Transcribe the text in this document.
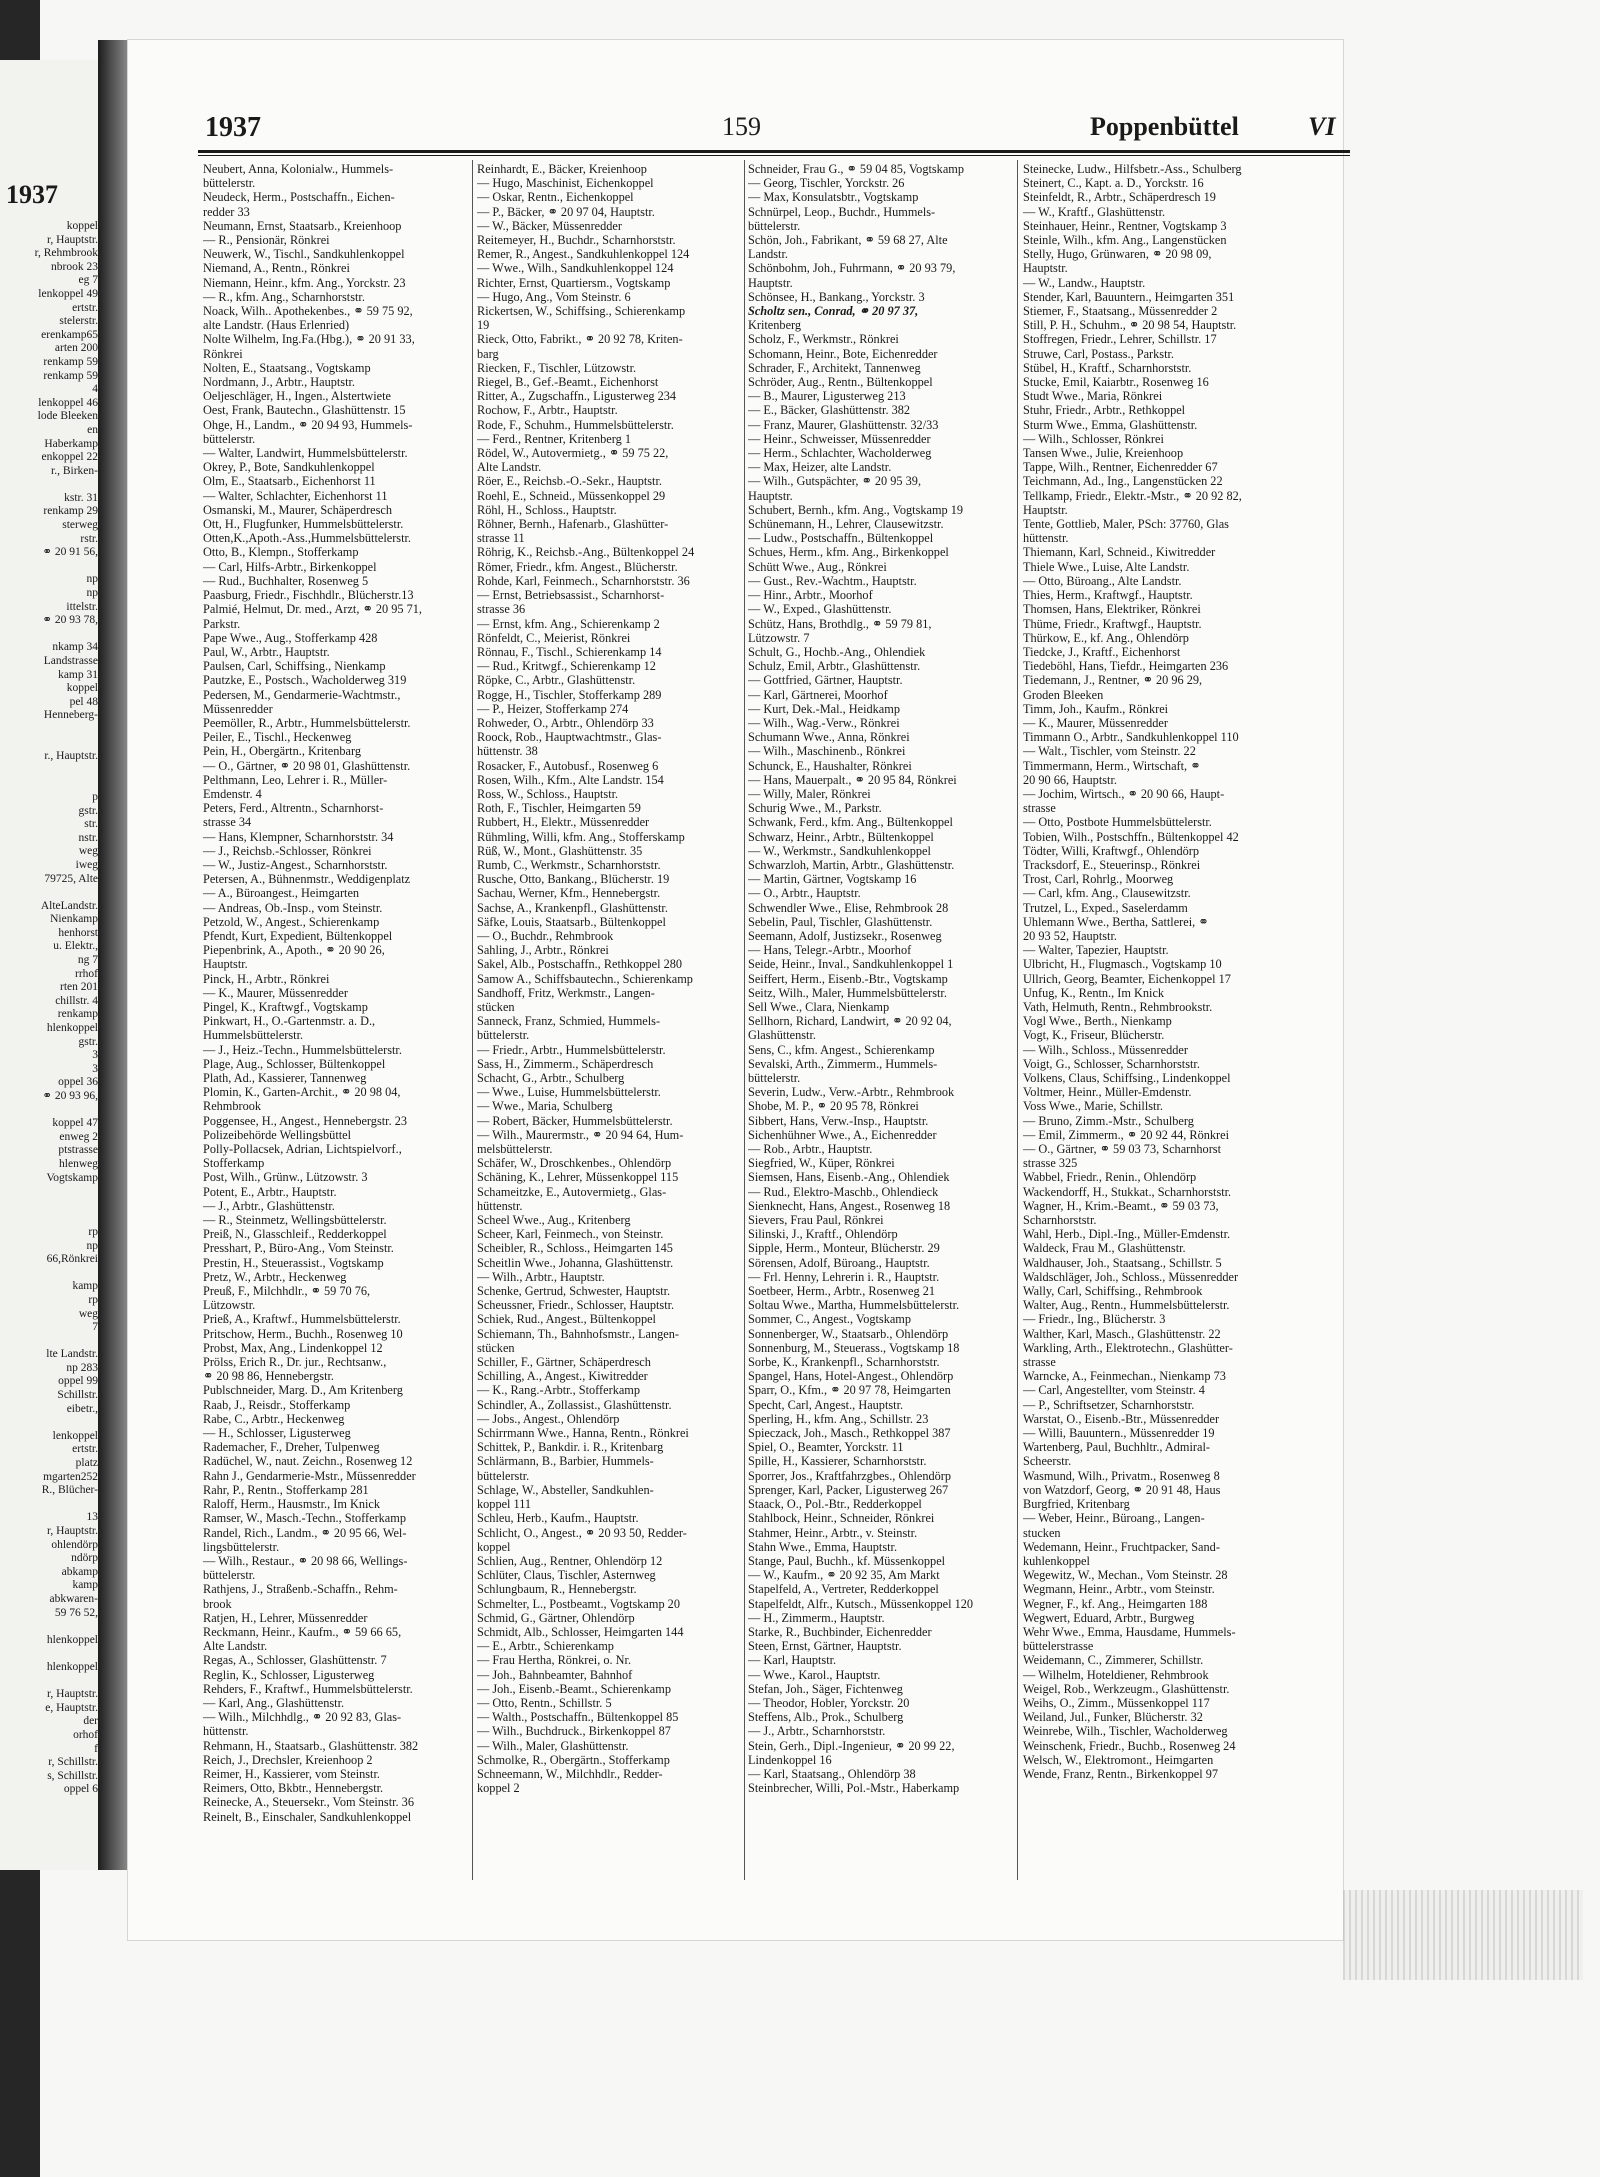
1937
koppel
r, Hauptstr.
r, Rehmbrook
nbrook 23
eg 7
lenkoppel 49
ertstr.
stelerstr.
erenkamp65
arten 200
renkamp 59
renkamp 59
4
lenkoppel 46
lode Bleeken
en
Haberkamp
enkoppel 22
r., Birken-

kstr. 31
renkamp 29
sterweg
rstr.
⚭ 20 91 56,

np
np
ittelstr.
⚭ 20 93 78,

nkamp 34
Landstrasse
kamp 31
koppel
pel 48
Henneberg-

r., Hauptstr.

p
gstr.
str.
nstr.
weg
iweg
79725, Alte

AlteLandstr.
Nienkamp
henhorst
u. Elektr.,
ng 7
rrhof
rten 201
chillstr. 4
renkamp
hlenkoppel
gstr.
3
3
oppel 36
⚭ 20 93 96,

koppel 47
enweg 2
ptstrasse
hlenweg
Vogtskamp

rp
np
66,Rönkrei

kamp
rp
weg
7

lte Landstr.
np 283
oppel 99
Schillstr.
eibetr.,

lenkoppel
ertstr.
platz
mgarten252
R., Blücher-

13
r, Hauptstr.
ohlendörp
ndörp
abkamp
kamp
abkwaren-
59 76 52,

hlenkoppel

hlenkoppel

r, Hauptstr.
e, Hauptstr.
der
orhof
f
r, Schillstr.
s, Schillstr.
oppel 6
1937	159	Poppenbüttel	VI
Neubert, Anna, Kolonialw., Hummels-
büttelerstr.
Neudeck, Herm., Postschaffn., Eichen-
redder 33
Neumann, Ernst, Staatsarb., Kreienhoop
— R., Pensionär, Rönkrei
Neuwerk, W., Tischl., Sandkuhlenkoppel
Niemand, A., Rentn., Rönkrei
Niemann, Heinr., kfm. Ang., Yorckstr. 23
— R., kfm. Ang., Scharnhorststr.
Noack, Wilh.. Apothekenbes., ⚭ 59 75 92,
alte Landstr. (Haus Erlenried)
Nolte Wilhelm, Ing.Fa.(Hbg.), ⚭ 20 91 33,
Rönkrei
Nolten, E., Staatsang., Vogtskamp
Nordmann, J., Arbtr., Hauptstr.
Oeljeschläger, H., Ingen., Alstertwiete
Oest, Frank, Bautechn., Glashüttenstr. 15
Ohge, H., Landm., ⚭ 20 94 93, Hummels-
büttelerstr.
— Walter, Landwirt, Hummelsbüttelerstr.
Okrey, P., Bote, Sandkuhlenkoppel
Olm, E., Staatsarb., Eichenhorst 11
— Walter, Schlachter, Eichenhorst 11
Osmanski, M., Maurer, Schäperdresch
Ott, H., Flugfunker, Hummelsbüttelerstr.
Otten,K.,Apoth.-Ass.,Hummelsbüttelerstr.
Otto, B., Klempn., Stofferkamp
— Carl, Hilfs-Arbtr., Birkenkoppel
— Rud., Buchhalter, Rosenweg 5
Paasburg, Friedr., Fischhdlr., Blücherstr.13
Palmié, Helmut, Dr. med., Arzt, ⚭ 20 95 71,
Parkstr.
Pape Wwe., Aug., Stofferkamp 428
Paul, W., Arbtr., Hauptstr.
Paulsen, Carl, Schiffsing., Nienkamp
Pautzke, E., Postsch., Wacholderweg 319
Pedersen, M., Gendarmerie-Wachtmstr.,
Müssenredder
Peemöller, R., Arbtr., Hummelsbüttelerstr.
Peiler, E., Tischl., Heckenweg
Pein, H., Obergärtn., Kritenbarg
— O., Gärtner, ⚭ 20 98 01, Glashüttenstr.
Pelthmann, Leo, Lehrer i. R., Müller-
Emdenstr. 4
Peters, Ferd., Altrentn., Scharnhorst-
strasse 34
— Hans, Klempner, Scharnhorststr. 34
— J., Reichsb.-Schlosser, Rönkrei
— W., Justiz-Angest., Scharnhorststr.
Petersen, A., Bühnenmstr., Weddigenplatz
— A., Büroangest., Heimgarten
— Andreas, Ob.-Insp., vom Steinstr.
Petzold, W., Angest., Schierenkamp
Pfendt, Kurt, Expedient, Bültenkoppel
Piepenbrink, A., Apoth., ⚭ 20 90 26,
Hauptstr.
Pinck, H., Arbtr., Rönkrei
— K., Maurer, Müssenredder
Pingel, K., Kraftwgf., Vogtskamp
Pinkwart, H., O.-Gartenmstr. a. D.,
Hummelsbüttelerstr.
— J., Heiz.-Techn., Hummelsbüttelerstr.
Plage, Aug., Schlosser, Bültenkoppel
Plath, Ad., Kassierer, Tannenweg
Plomin, K., Garten-Archit., ⚭ 20 98 04,
Rehmbrook
Poggensee, H., Angest., Hennebergstr. 23
Polizeibehörde Wellingsbüttel
Polly-Pollacsek, Adrian, Lichtspielvorf.,
Stofferkamp
Post, Wilh., Grünw., Lützowstr. 3
Potent, E., Arbtr., Hauptstr.
— J., Arbtr., Glashüttenstr.
— R., Steinmetz, Wellingsbüttelerstr.
Preiß, N., Glasschleif., Redderkoppel
Presshart, P., Büro-Ang., Vom Steinstr.
Prestin, H., Steuerassist., Vogtskamp
Pretz, W., Arbtr., Heckenweg
Preuß, F., Milchhdlr., ⚭ 59 70 76,
Lützowstr.
Prieß, A., Kraftwf., Hummelsbüttelerstr.
Pritschow, Herm., Buchh., Rosenweg 10
Probst, Max, Ang., Lindenkoppel 12
Prölss, Erich R., Dr. jur., Rechtsanw.,
⚭ 20 98 86, Hennebergstr.
Publschneider, Marg. D., Am Kritenberg
Raab, J., Reisdr., Stofferkamp
Rabe, C., Arbtr., Heckenweg
— H., Schlosser, Ligusterweg
Rademacher, F., Dreher, Tulpenweg
Radüchel, W., naut. Zeichn., Rosenweg 12
Rahn J., Gendarmerie-Mstr., Müssenredder
Rahr, P., Rentn., Stofferkamp 281
Raloff, Herm., Hausmstr., Im Knick
Ramser, W., Masch.-Techn., Stofferkamp
Randel, Rich., Landm., ⚭ 20 95 66, Wel-
lingsbüttelerstr.
— Wilh., Restaur., ⚭ 20 98 66, Wellings-
büttelerstr.
Rathjens, J., Straßenb.-Schaffn., Rehm-
brook
Ratjen, H., Lehrer, Müssenredder
Reckmann, Heinr., Kaufm., ⚭ 59 66 65,
Alte Landstr.
Regas, A., Schlosser, Glashüttenstr. 7
Reglin, K., Schlosser, Ligusterweg
Rehders, F., Kraftwf., Hummelsbüttelerstr.
— Karl, Ang., Glashüttenstr.
— Wilh., Milchhdlg., ⚭ 20 92 83, Glas-
hüttenstr.
Rehmann, H., Staatsarb., Glashüttenstr. 382
Reich, J., Drechsler, Kreienhoop 2
Reimer, H., Kassierer, vom Steinstr.
Reimers, Otto, Bkbtr., Hennebergstr.
Reinecke, A., Steuersekr., Vom Steinstr. 36
Reinelt, B., Einschaler, Sandkuhlenkoppel
Reinhardt, E., Bäcker, Kreienhoop
— Hugo, Maschinist, Eichenkoppel
— Oskar, Rentn., Eichenkoppel
— P., Bäcker, ⚭ 20 97 04, Hauptstr.
— W., Bäcker, Müssenredder
Reitemeyer, H., Buchdr., Scharnhorststr.
Remer, R., Angest., Sandkuhlenkoppel 124
— Wwe., Wilh., Sandkuhlenkoppel 124
Richter, Ernst, Quartiersm., Vogtskamp
— Hugo, Ang., Vom Steinstr. 6
Rickertsen, W., Schiffsing., Schierenkamp
19
Rieck, Otto, Fabrikt., ⚭ 20 92 78, Kriten-
barg
Riecken, F., Tischler, Lützowstr.
Riegel, B., Gef.-Beamt., Eichenhorst
Ritter, A., Zugschaffn., Ligusterweg 234
Rochow, F., Arbtr., Hauptstr.
Rode, F., Schuhm., Hummelsbüttelerstr.
— Ferd., Rentner, Kritenberg 1
Rödel, W., Autovermietg., ⚭ 59 75 22,
Alte Landstr.
Röer, E., Reichsb.-O.-Sekr., Hauptstr.
Roehl, E., Schneid., Müssenkoppel 29
Röhl, H., Schloss., Hauptstr.
Röhner, Bernh., Hafenarb., Glashütter-
strasse 11
Röhrig, K., Reichsb.-Ang., Bültenkoppel 24
Römer, Friedr., kfm. Angest., Blücherstr.
Rohde, Karl, Feinmech., Scharnhorststr. 36
— Ernst, Betriebsassist., Scharnhorst-
strasse 36
— Ernst, kfm. Ang., Schierenkamp 2
Rönfeldt, C., Meierist, Rönkrei
Rönnau, F., Tischl., Schierenkamp 14
— Rud., Kritwgf., Schierenkamp 12
Röpke, C., Arbtr., Glashüttenstr.
Rogge, H., Tischler, Stofferkamp 289
— P., Heizer, Stofferkamp 274
Rohweder, O., Arbtr., Ohlendörp 33
Roock, Rob., Hauptwachtmstr., Glas-
hüttenstr. 38
Rosacker, F., Autobusf., Rosenweg 6
Rosen, Wilh., Kfm., Alte Landstr. 154
Ross, W., Schloss., Hauptstr.
Roth, F., Tischler, Heimgarten 59
Rubbert, H., Elektr., Müssenredder
Rühmling, Willi, kfm. Ang., Stofferskamp
Rüß, W., Mont., Glashüttenstr. 35
Rumb, C., Werkmstr., Scharnhorststr.
Rusche, Otto, Bankang., Blücherstr. 19
Sachau, Werner, Kfm., Hennebergstr.
Sachse, A., Krankenpfl., Glashüttenstr.
Säfke, Louis, Staatsarb., Bültenkoppel
— O., Buchdr., Rehmbrook
Sahling, J., Arbtr., Rönkrei
Sakel, Alb., Postschaffn., Rethkoppel 280
Samow A., Schiffsbautechn., Schierenkamp
Sandhoff, Fritz, Werkmstr., Langen-
stücken
Sanneck, Franz, Schmied, Hummels-
büttelerstr.
— Friedr., Arbtr., Hummelsbüttelerstr.
Sass, H., Zimmerm., Schäperdresch
Schacht, G., Arbtr., Schulberg
— Wwe., Luise, Hummelsbüttelerstr.
— Wwe., Maria, Schulberg
— Robert, Bäcker, Hummelsbüttelerstr.
— Wilh., Maurermstr., ⚭ 20 94 64, Hum-
melsbüttelerstr.
Schäfer, W., Droschkenbes., Ohlendörp
Schäning, K., Lehrer, Müssenkoppel 115
Schameitzke, E., Autovermietg., Glas-
hüttenstr.
Scheel Wwe., Aug., Kritenberg
Scheer, Karl, Feinmech., von Steinstr.
Scheibler, R., Schloss., Heimgarten 145
Scheitlin Wwe., Johanna, Glashüttenstr.
— Wilh., Arbtr., Hauptstr.
Schenke, Gertrud, Schwester, Hauptstr.
Scheussner, Friedr., Schlosser, Hauptstr.
Schiek, Rud., Angest., Bültenkoppel
Schiemann, Th., Bahnhofsmstr., Langen-
stücken
Schiller, F., Gärtner, Schäperdresch
Schilling, A., Angest., Kiwitredder
— K., Rang.-Arbtr., Stofferkamp
Schindler, A., Zollassist., Glashüttenstr.
— Jobs., Angest., Ohlendörp
Schirrmann Wwe., Hanna, Rentn., Rönkrei
Schittek, P., Bankdir. i. R., Kritenbarg
Schlärmann, B., Barbier, Hummels-
büttelerstr.
Schlage, W., Absteller, Sandkuhlen-
koppel 111
Schleu, Herb., Kaufm., Hauptstr.
Schlicht, O., Angest., ⚭ 20 93 50, Redder-
koppel
Schlien, Aug., Rentner, Ohlendörp 12
Schlüter, Claus, Tischler, Asternweg
Schlungbaum, R., Hennebergstr.
Schmelter, L., Postbeamt., Vogtskamp 20
Schmid, G., Gärtner, Ohlendörp
Schmidt, Alb., Schlosser, Heimgarten 144
— E., Arbtr., Schierenkamp
— Frau Hertha, Rönkrei, o. Nr.
— Joh., Bahnbeamter, Bahnhof
— Joh., Eisenb.-Beamt., Schierenkamp
— Otto, Rentn., Schillstr. 5
— Walth., Postschaffn., Bültenkoppel 85
— Wilh., Buchdruck., Birkenkoppel 87
— Wilh., Maler, Glashüttenstr.
Schmolke, R., Obergärtn., Stofferkamp
Schneemann, W., Milchhdlr., Redder-
koppel 2
Schneider, Frau G., ⚭ 59 04 85, Vogtskamp
— Georg, Tischler, Yorckstr. 26
— Max, Konsulatsbtr., Vogtskamp
Schnürpel, Leop., Buchdr., Hummels-
büttelerstr.
Schön, Joh., Fabrikant, ⚭ 59 68 27, Alte
Landstr.
Schönbohm, Joh., Fuhrmann, ⚭ 20 93 79,
Hauptstr.
Schönsee, H., Bankang., Yorckstr. 3
Scholtz sen., Conrad, ⚭ 20 97 37,
Kritenberg
Scholz, F., Werkmstr., Rönkrei
Schomann, Heinr., Bote, Eichenredder
Schrader, F., Architekt, Tannenweg
Schröder, Aug., Rentn., Bültenkoppel
— B., Maurer, Ligusterweg 213
— E., Bäcker, Glashüttenstr. 382
— Franz, Maurer, Glashüttenstr. 32/33
— Heinr., Schweisser, Müssenredder
— Herm., Schlachter, Wacholderweg
— Max, Heizer, alte Landstr.
— Wilh., Gutspächter, ⚭ 20 95 39,
Hauptstr.
Schubert, Bernh., kfm. Ang., Vogtskamp 19
Schünemann, H., Lehrer, Clausewitzstr.
— Ludw., Postschaffn., Bültenkoppel
Schues, Herm., kfm. Ang., Birkenkoppel
Schütt Wwe., Aug., Rönkrei
— Gust., Rev.-Wachtm., Hauptstr.
— Hinr., Arbtr., Moorhof
— W., Exped., Glashüttenstr.
Schütz, Hans, Brothdlg., ⚭ 59 79 81,
Lützowstr. 7
Schult, G., Hochb.-Ang., Ohlendiek
Schulz, Emil, Arbtr., Glashüttenstr.
— Gottfried, Gärtner, Hauptstr.
— Karl, Gärtnerei, Moorhof
— Kurt, Dek.-Mal., Heidkamp
— Wilh., Wag.-Verw., Rönkrei
Schumann Wwe., Anna, Rönkrei
— Wilh., Maschinenb., Rönkrei
Schunck, E., Haushalter, Rönkrei
— Hans, Mauerpalt., ⚭ 20 95 84, Rönkrei
— Willy, Maler, Rönkrei
Schurig Wwe., M., Parkstr.
Schwank, Ferd., kfm. Ang., Bültenkoppel
Schwarz, Heinr., Arbtr., Bültenkoppel
— W., Werkmstr., Sandkuhlenkoppel
Schwarzloh, Martin, Arbtr., Glashüttenstr.
— Martin, Gärtner, Vogtskamp 16
— O., Arbtr., Hauptstr.
Schwendler Wwe., Elise, Rehmbrook 28
Sebelin, Paul, Tischler, Glashüttenstr.
Seemann, Adolf, Justizsekr., Rosenweg
— Hans, Telegr.-Arbtr., Moorhof
Seide, Heinr., Inval., Sandkuhlenkoppel 1
Seiffert, Herm., Eisenb.-Btr., Vogtskamp
Seitz, Wilh., Maler, Hummelsbüttelerstr.
Sell Wwe., Clara, Nienkamp
Sellhorn, Richard, Landwirt, ⚭ 20 92 04,
Glashüttenstr.
Sens, C., kfm. Angest., Schierenkamp
Sevalski, Arth., Zimmerm., Hummels-
büttelerstr.
Severin, Ludw., Verw.-Arbtr., Rehmbrook
Shobe, M. P., ⚭ 20 95 78, Rönkrei
Sibbert, Hans, Verw.-Insp., Hauptstr.
Sichenhühner Wwe., A., Eichenredder
— Rob., Arbtr., Hauptstr.
Siegfried, W., Küper, Rönkrei
Siemsen, Hans, Eisenb.-Ang., Ohlendiek
— Rud., Elektro-Maschb., Ohlendieck
Sienknecht, Hans, Angest., Rosenweg 18
Sievers, Frau Paul, Rönkrei
Silinski, J., Kraftf., Ohlendörp
Sipple, Herm., Monteur, Blücherstr. 29
Sörensen, Adolf, Büroang., Hauptstr.
— Frl. Henny, Lehrerin i. R., Hauptstr.
Soetbeer, Herm., Arbtr., Rosenweg 21
Soltau Wwe., Martha, Hummelsbüttelerstr.
Sommer, C., Angest., Vogtskamp
Sonnenberger, W., Staatsarb., Ohlendörp
Sonnenburg, M., Steuerass., Vogtskamp 18
Sorbe, K., Krankenpfl., Scharnhorststr.
Spangel, Hans, Hotel-Angest., Ohlendörp
Sparr, O., Kfm., ⚭ 20 97 78, Heimgarten
Specht, Carl, Angest., Hauptstr.
Sperling, H., kfm. Ang., Schillstr. 23
Spieczack, Joh., Masch., Rethkoppel 387
Spiel, O., Beamter, Yorckstr. 11
Spille, H., Kassierer, Scharnhorststr.
Sporrer, Jos., Kraftfahrzgbes., Ohlendörp
Sprenger, Karl, Packer, Ligusterweg 267
Staack, O., Pol.-Btr., Redderkoppel
Stahlbock, Heinr., Schneider, Rönkrei
Stahmer, Heinr., Arbtr., v. Steinstr.
Stahn Wwe., Emma, Hauptstr.
Stange, Paul, Buchh., kf. Müssenkoppel
— W., Kaufm., ⚭ 20 92 35, Am Markt
Stapelfeld, A., Vertreter, Redderkoppel
Stapelfeldt, Alfr., Kutsch., Müssenkoppel 120
— H., Zimmerm., Hauptstr.
Starke, R., Buchbinder, Eichenredder
Steen, Ernst, Gärtner, Hauptstr.
— Karl, Hauptstr.
— Wwe., Karol., Hauptstr.
Stefan, Joh., Säger, Fichtenweg
— Theodor, Hobler, Yorckstr. 20
Steffens, Alb., Prok., Schulberg
— J., Arbtr., Scharnhorststr.
Stein, Gerh., Dipl.-Ingenieur, ⚭ 20 99 22,
Lindenkoppel 16
— Karl, Staatsang., Ohlendörp 38
Steinbrecher, Willi, Pol.-Mstr., Haberkamp
Steinecke, Ludw., Hilfsbetr.-Ass., Schulberg
Steinert, C., Kapt. a. D., Yorckstr. 16
Steinfeldt, R., Arbtr., Schäperdresch 19
— W., Kraftf., Glashüttenstr.
Steinhauer, Heinr., Rentner, Vogtskamp 3
Steinle, Wilh., kfm. Ang., Langenstücken
Stelly, Hugo, Grünwaren, ⚭ 20 98 09,
Hauptstr.
— W., Landw., Hauptstr.
Stender, Karl, Bauuntern., Heimgarten 351
Stiemer, F., Staatsang., Müssenredder 2
Still, P. H., Schuhm., ⚭ 20 98 54, Hauptstr.
Stoffregen, Friedr., Lehrer, Schillstr. 17
Struwe, Carl, Postass., Parkstr.
Stübel, H., Kraftf., Scharnhorststr.
Stucke, Emil, Kaiarbtr., Rosenweg 16
Studt Wwe., Maria, Rönkrei
Stuhr, Friedr., Arbtr., Rethkoppel
Sturm Wwe., Emma, Glashüttenstr.
— Wilh., Schlosser, Rönkrei
Tansen Wwe., Julie, Kreienhoop
Tappe, Wilh., Rentner, Eichenredder 67
Teichmann, Ad., Ing., Langenstücken 22
Tellkamp, Friedr., Elektr.-Mstr., ⚭ 20 92 82,
Hauptstr.
Tente, Gottlieb, Maler, PSch: 37760, Glas
hüttenstr.
Thiemann, Karl, Schneid., Kiwitredder
Thiele Wwe., Luise, Alte Landstr.
— Otto, Büroang., Alte Landstr.
Thies, Herm., Kraftwgf., Hauptstr.
Thomsen, Hans, Elektriker, Rönkrei
Thüme, Friedr., Kraftwgf., Hauptstr.
Thürkow, E., kf. Ang., Ohlendörp
Tiedcke, J., Kraftf., Eichenhorst
Tiedeböhl, Hans, Tiefdr., Heimgarten 236
Tiedemann, J., Rentner, ⚭ 20 96 29,
Groden Bleeken
Timm, Joh., Kaufm., Rönkrei
— K., Maurer, Müssenredder
Timmann O., Arbtr., Sandkuhlenkoppel 110
— Walt., Tischler, vom Steinstr. 22
Timmermann, Herm., Wirtschaft, ⚭
20 90 66, Hauptstr.
— Jochim, Wirtsch., ⚭ 20 90 66, Haupt-
strasse
— Otto, Postbote Hummelsbüttelerstr.
Tobien, Wilh., Postschffn., Bültenkoppel 42
Tödter, Willi, Kraftwgf., Ohlendörp
Tracksdorf, E., Steuerinsp., Rönkrei
Trost, Carl, Rohrlg., Moorweg
— Carl, kfm. Ang., Clausewitzstr.
Trutzel, L., Exped., Saselerdamm
Uhlemann Wwe., Bertha, Sattlerei, ⚭
20 93 52, Hauptstr.
— Walter, Tapezier, Hauptstr.
Ulbricht, H., Flugmasch., Vogtskamp 10
Ullrich, Georg, Beamter, Eichenkoppel 17
Unfug, K., Rentn., Im Knick
Vath, Helmuth, Rentn., Rehmbrookstr.
Vogl Wwe., Berth., Nienkamp
Vogt, K., Friseur, Blücherstr.
— Wilh., Schloss., Müssenredder
Voigt, G., Schlosser, Scharnhorststr.
Volkens, Claus, Schiffsing., Lindenkoppel
Voltmer, Heinr., Müller-Emdenstr.
Voss Wwe., Marie, Schillstr.
— Bruno, Zimm.-Mstr., Schulberg
— Emil, Zimmerm., ⚭ 20 92 44, Rönkrei
— O., Gärtner, ⚭ 59 03 73, Scharnhorst
strasse 325
Wabbel, Friedr., Renin., Ohlendörp
Wackendorff, H., Stukkat., Scharnhorststr.
Wagner, H., Krim.-Beamt., ⚭ 59 03 73,
Scharnhorststr.
Wahl, Herb., Dipl.-Ing., Müller-Emdenstr.
Waldeck, Frau M., Glashüttenstr.
Waldhauser, Joh., Staatsang., Schillstr. 5
Waldschläger, Joh., Schloss., Müssenredder
Wally, Carl, Schiffsing., Rehmbrook
Walter, Aug., Rentn., Hummelsbüttelerstr.
— Friedr., Ing., Blücherstr. 3
Walther, Karl, Masch., Glashüttenstr. 22
Warkling, Arth., Elektrotechn., Glashütter-
strasse
Warncke, A., Feinmechan., Nienkamp 73
— Carl, Angestellter, vom Steinstr. 4
— P., Schriftsetzer, Scharnhorststr.
Warstat, O., Eisenb.-Btr., Müssenredder
— Willi, Bauuntern., Müssenredder 19
Wartenberg, Paul, Buchhltr., Admiral-
Scheerstr.
Wasmund, Wilh., Privatm., Rosenweg 8
von Watzdorf, Georg, ⚭ 20 91 48, Haus
Burgfried, Kritenbarg
— Weber, Heinr., Büroang., Langen-
stucken
Wedemann, Heinr., Fruchtpacker, Sand-
kuhlenkoppel
Wegewitz, W., Mechan., Vom Steinstr. 28
Wegmann, Heinr., Arbtr., vom Steinstr.
Wegner, F., kf. Ang., Heimgarten 188
Wegwert, Eduard, Arbtr., Burgweg
Wehr Wwe., Emma, Hausdame, Hummels-
büttelerstrasse
Weidemann, C., Zimmerer, Schillstr.
— Wilhelm, Hoteldiener, Rehmbrook
Weigel, Rob., Werkzeugm., Glashüttenstr.
Weihs, O., Zimm., Müssenkoppel 117
Weiland, Jul., Funker, Blücherstr. 32
Weinrebe, Wilh., Tischler, Wacholderweg
Weinschenk, Friedr., Buchb., Rosenweg 24
Welsch, W., Elektromont., Heimgarten
Wende, Franz, Rentn., Birkenkoppel 97
